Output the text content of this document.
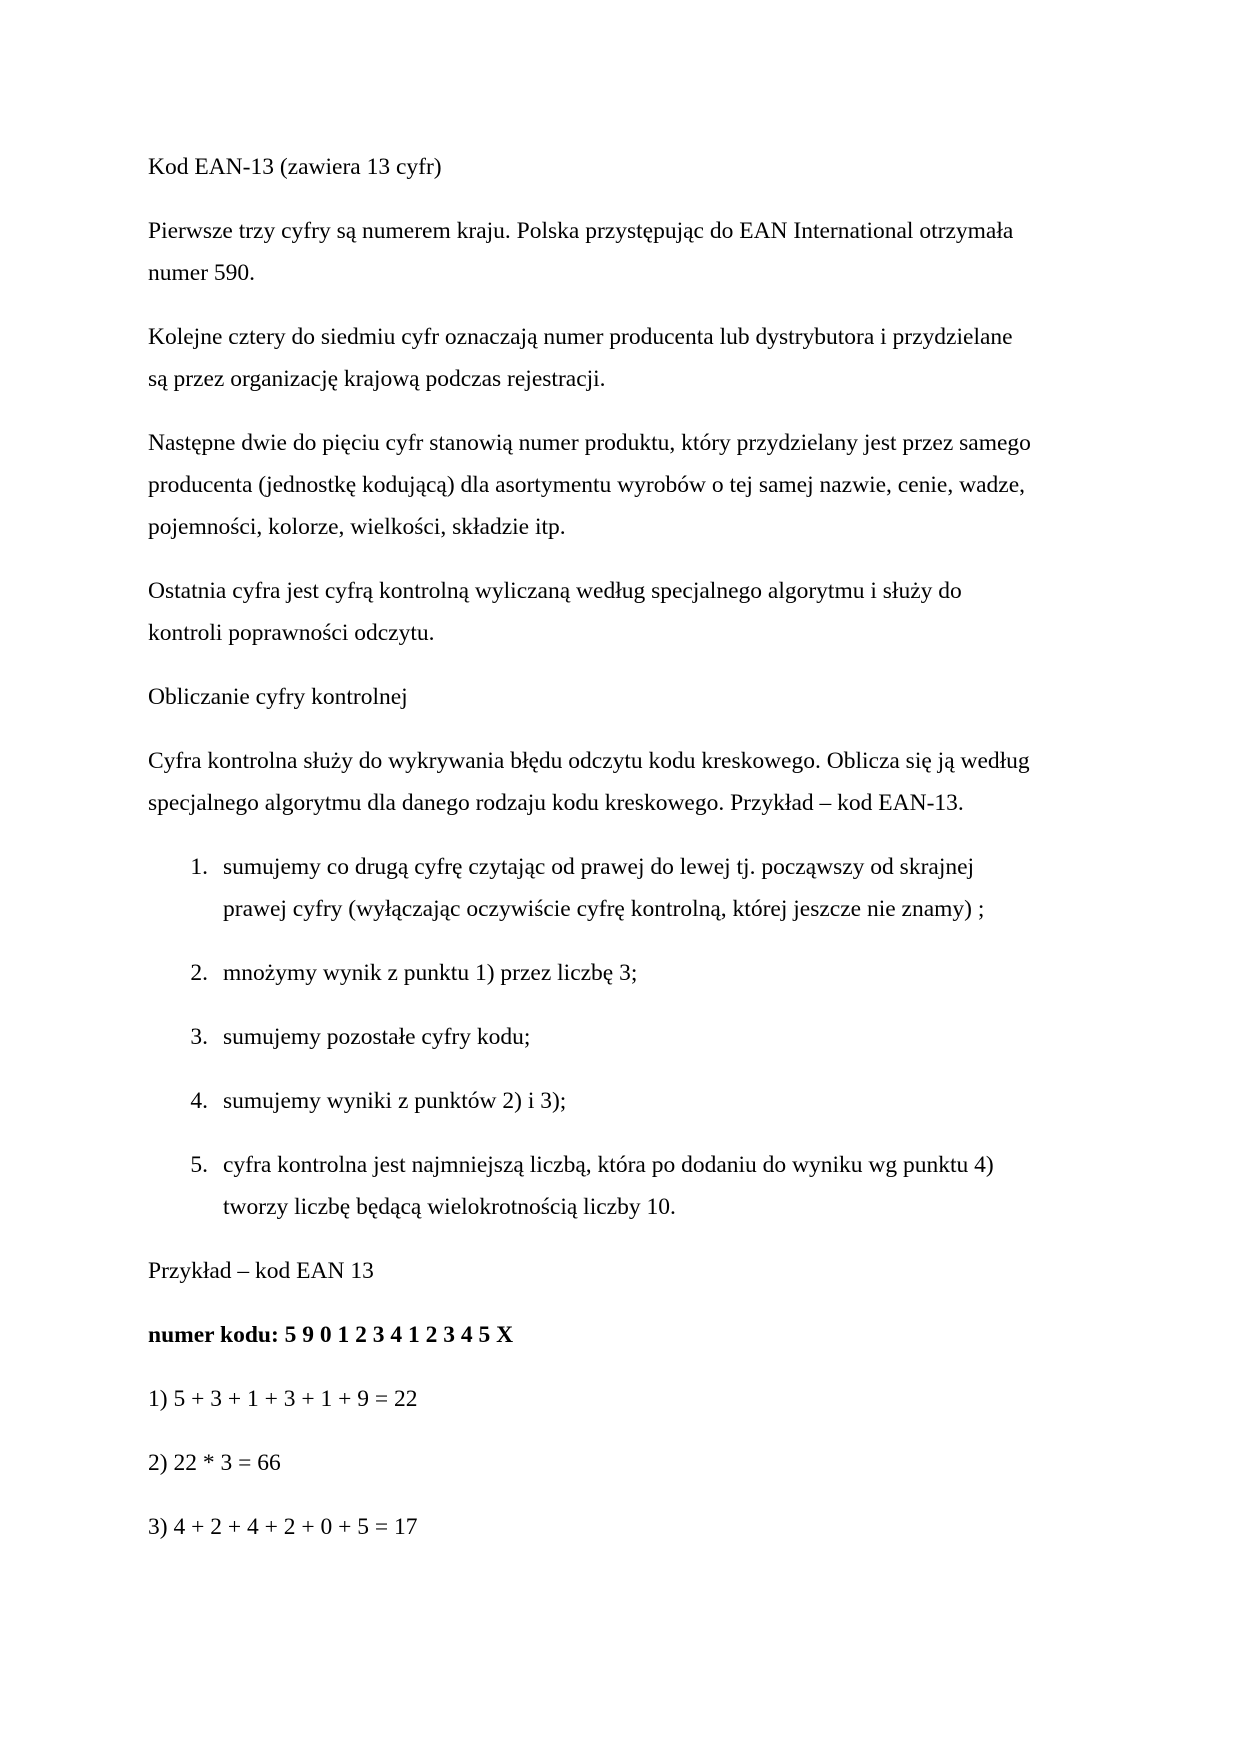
Kod EAN-13 (zawiera 13 cyfr)

Pierwsze trzy cyfry są numerem kraju. Polska przystępując do EAN International otrzymała

numer 590.

Kolejne cztery do siedmiu cyfr oznaczają numer producenta lub dystrybutora i przydzielane

są przez organizację krajową podczas rejestracji.

Następne dwie do pięciu cyfr stanowią numer produktu, który przydzielany jest przez samego

producenta (jednostkę kodującą) dla asortymentu wyrobów o tej samej nazwie, cenie, wadze,

pojemności, kolorze, wielkości, składzie itp.

Ostatnia cyfra jest cyfrą kontrolną wyliczaną według specjalnego algorytmu i służy do

kontroli poprawności odczytu.

Obliczanie cyfry kontrolnej

Cyfra kontrolna służy do wykrywania błędu odczytu kodu kreskowego. Oblicza się ją według

specjalnego algorytmu dla danego rodzaju kodu kreskowego. Przykład – kod EAN-13.

1. sumujemy co drugą cyfrę czytając od prawej do lewej tj. począwszy od skrajnej

prawej cyfry (wyłączając oczywiście cyfrę kontrolną, której jeszcze nie znamy) ;

2. mnożymy wynik z punktu 1) przez liczbę 3;

3. sumujemy pozostałe cyfry kodu;

4. sumujemy wyniki z punktów 2) i 3);

5. cyfra kontrolna jest najmniejszą liczbą, która po dodaniu do wyniku wg punktu 4)

tworzy liczbę będącą wielokrotnością liczby 10.

Przykład – kod EAN 13

numer kodu: 5 9 0 1 2 3 4 1 2 3 4 5 X

1) 5 + 3 + 1 + 3 + 1 + 9 = 22

2) 22 * 3 = 66

3) 4 + 2 + 4 + 2 + 0 + 5 = 17
